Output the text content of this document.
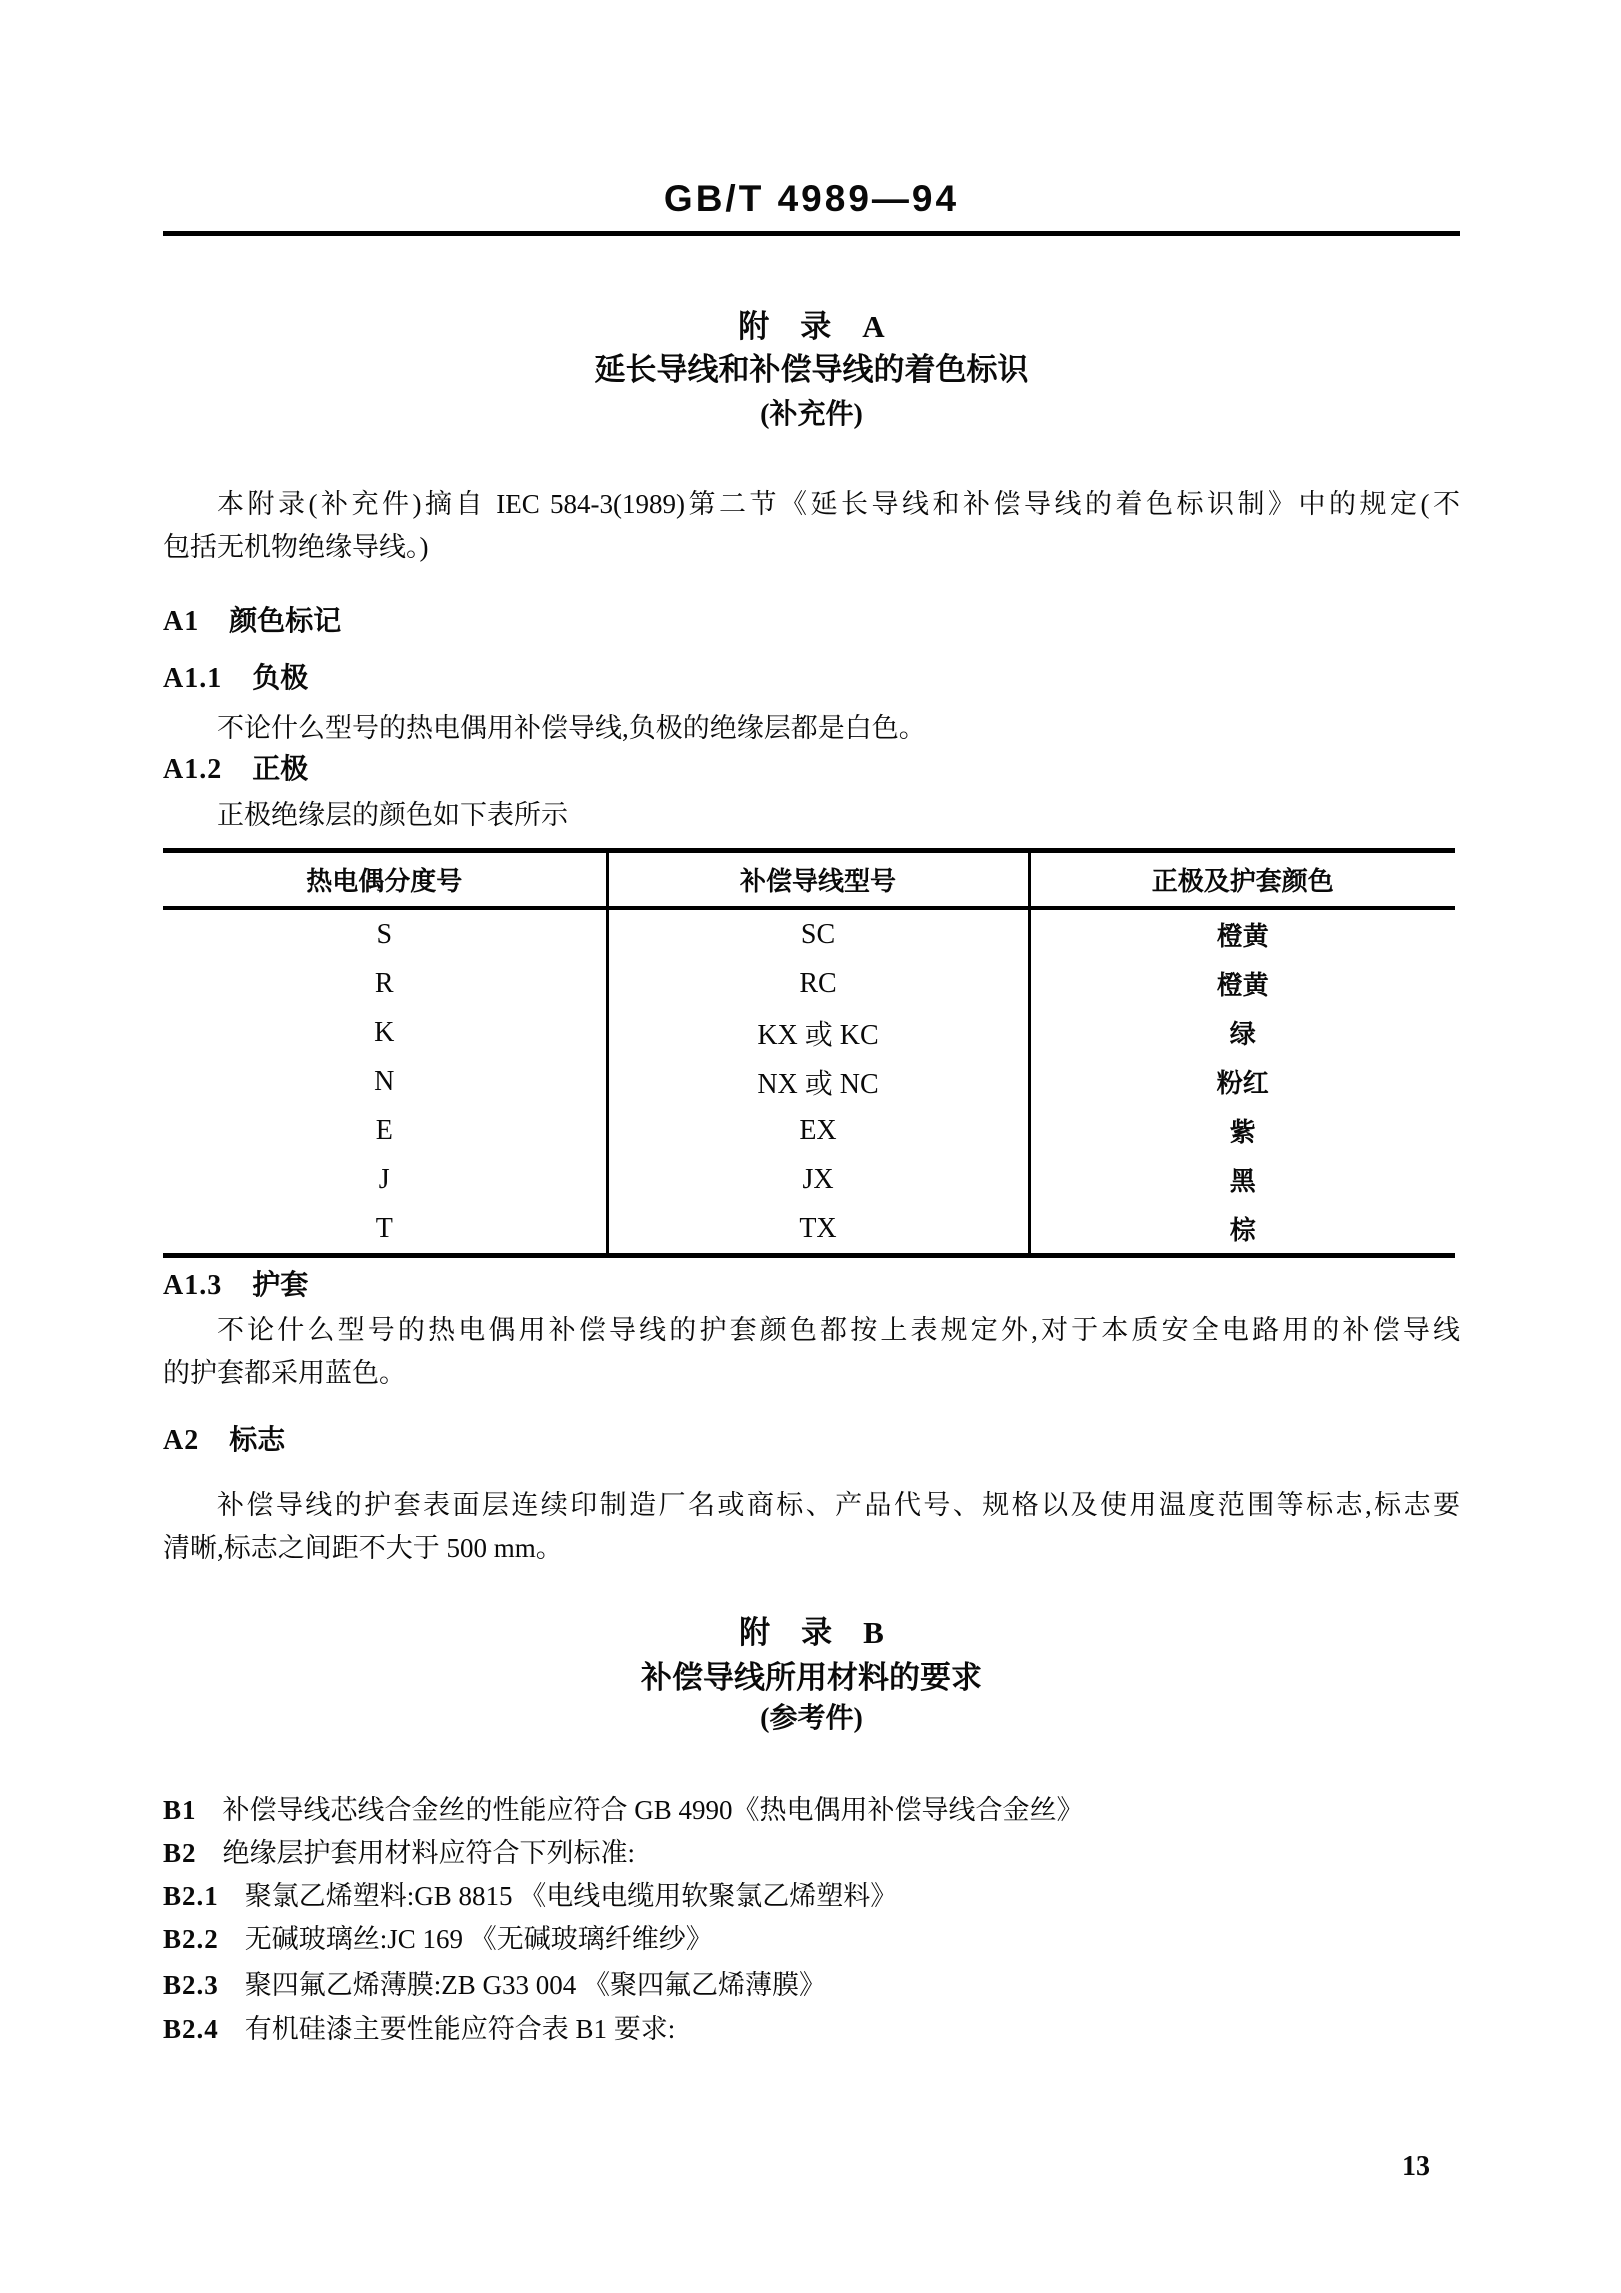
GB/T 4989—94
附　录　A
延长导线和补偿导线的着色标识
(补充件)
本附录(补充件)摘自 IEC 584-3(1989)第二节《延长导线和补偿导线的着色标识制》中的规定(不
包括无机物绝缘导线。)
A1 颜色标记
A1.1 负极
不论什么型号的热电偶用补偿导线,负极的绝缘层都是白色。
A1.2 正极
正极绝缘层的颜色如下表所示
热电偶分度号	补偿导线型号	正极及护套颜色
S	SC	橙黄
R	RC	橙黄
K	KX 或 KC	绿
N	NX 或 NC	粉红
E	EX	紫
J	JX	黑
T	TX	棕
A1.3 护套
不论什么型号的热电偶用补偿导线的护套颜色都按上表规定外,对于本质安全电路用的补偿导线
的护套都采用蓝色。
A2 标志
补偿导线的护套表面层连续印制造厂名或商标、产品代号、规格以及使用温度范围等标志,标志要
清晰,标志之间距不大于 500 mm。
附　录　B
补偿导线所用材料的要求
(参考件)
B1 补偿导线芯线合金丝的性能应符合 GB 4990《热电偶用补偿导线合金丝》
B2 绝缘层护套用材料应符合下列标准:
B2.1 聚氯乙烯塑料:GB 8815 《电线电缆用软聚氯乙烯塑料》
B2.2 无碱玻璃丝:JC 169 《无碱玻璃纤维纱》
B2.3 聚四氟乙烯薄膜:ZB G33 004 《聚四氟乙烯薄膜》
B2.4 有机硅漆主要性能应符合表 B1 要求:
13
